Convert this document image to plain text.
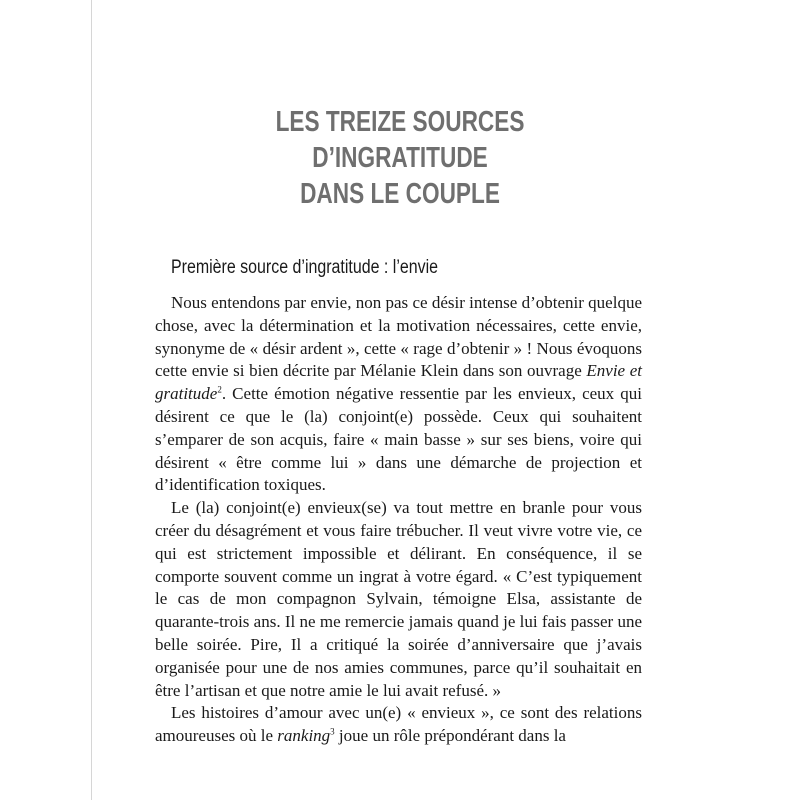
LES TREIZE SOURCES
D’INGRATITUDE
DANS LE COUPLE
Première source d’ingratitude : l’envie

Nous entendons par envie, non pas ce désir intense d’obtenir quelque chose, avec la détermination et la motivation nécessaires, cette envie, synonyme de « désir ardent », cette « rage d’obtenir » ! Nous évoquons cette envie si bien décrite par Mélanie Klein dans son ouvrage Envie et gratitude$^2$. Cette émotion négative ressentie par les envieux, ceux qui désirent ce que le (la) conjoint(e) possède. Ceux qui souhaitent s’emparer de son acquis, faire « main basse » sur ses biens, voire qui désirent « être comme lui » dans une démarche de projection et d’identification toxiques.

Le (la) conjoint(e) envieux(se) va tout mettre en branle pour vous créer du désagrément et vous faire trébucher. Il veut vivre votre vie, ce qui est strictement impossible et délirant. En conséquence, il se comporte souvent comme un ingrat à votre égard. « C’est typiquement le cas de mon compagnon Sylvain, témoigne Elsa, assistante de quarante-trois ans. Il ne me remercie jamais quand je lui fais passer une belle soirée. Pire, Il a critiqué la soirée d’anniversaire que j’avais organisée pour une de nos amies communes, parce qu’il souhaitait en être l’artisan et que notre amie le lui avait refusé. »

Les histoires d’amour avec un(e) « envieux », ce sont des relations amoureuses où le ranking$^3$ joue un rôle prépondérant dans la
